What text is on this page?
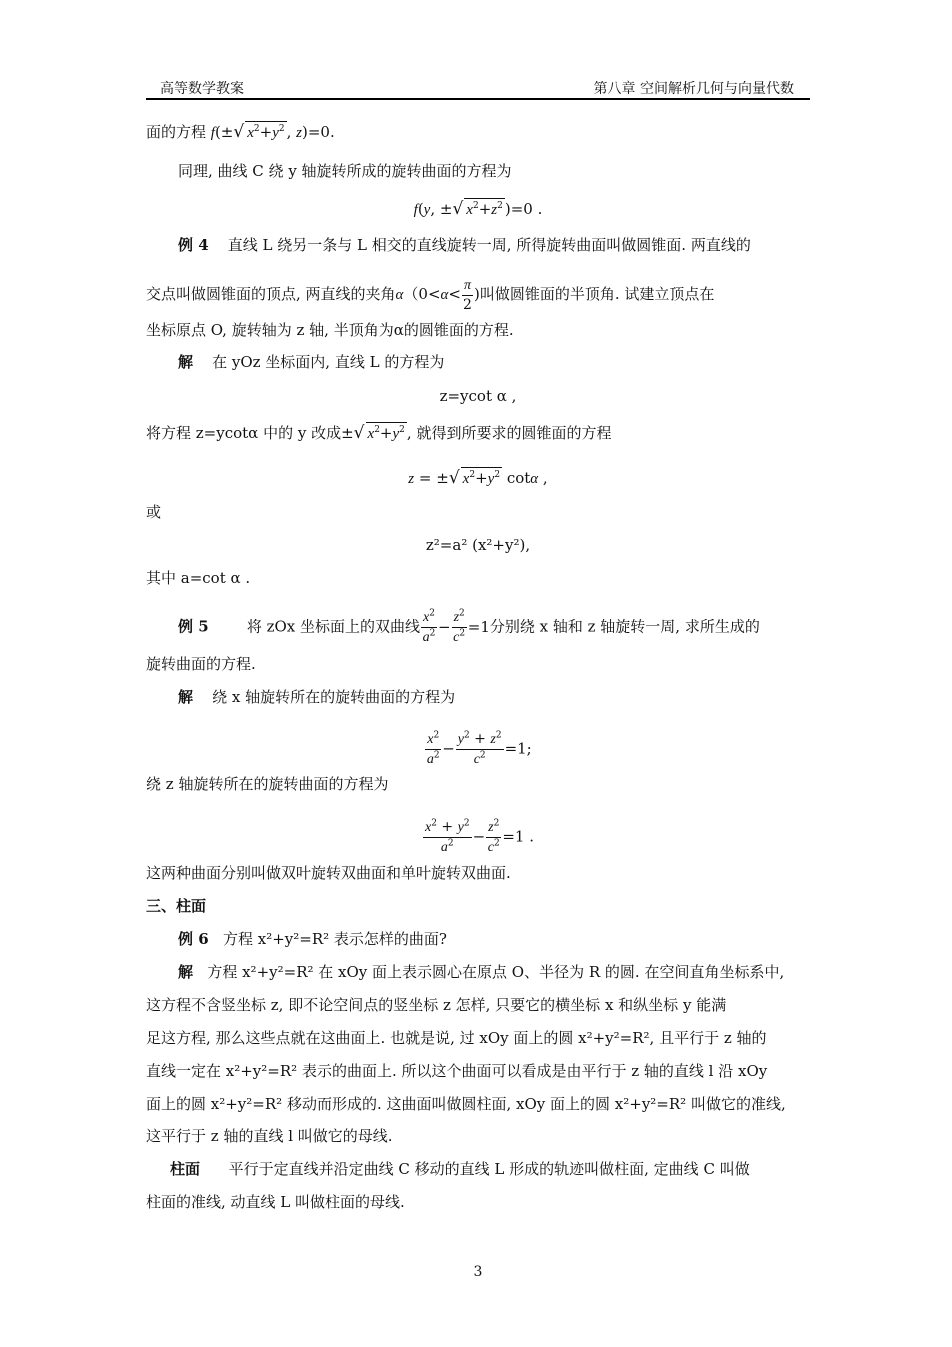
高等数学教案	第八章 空间解析几何与向量代数
面的方程 f(±√ $x^2+y^2$ , z)=0.
同理, 曲线 C 绕 y 轴旋转所成的旋转曲面的方程为
f(y, ±√ $x^2+z^2$ )=0 .
例 4 直线 L 绕另一条与 L 相交的直线旋转一周, 所得旋转曲面叫做圆锥面. 两直线的
交点叫做圆锥面的顶点, 两直线的夹角$\alpha(0<\alpha< \frac{\pi}{2}$ )叫做圆锥面的半顶角. 试建立顶点在
坐标原点 O, 旋转轴为 z 轴, 半顶角为α的圆锥面的方程.
解 在 yOz 坐标面内, 直线 L 的方程为
z=ycot α ,
将方程 z=ycotα 中的 y 改成±√ $x^2+y^2$ , 就得到所要求的圆锥面的方程
z = ±√ $x^2+y^2$ cotα ,
或
z²=a² (x²+y²),
其中 a=cot α .
例 5	将 zOx 坐标面上的双曲线 $\frac{x^2}{a^2} - \frac{z^2}{c^2} =1$分别绕 x 轴和 z 轴旋转一周, 求所生成的
旋转曲面的方程.
解 绕 x 轴旋转所在的旋转曲面的方程为
$\frac{x^2}{a^2} - \frac{y^2 + z^2}{c^2} =1$;
绕 z 轴旋转所在的旋转曲面的方程为
$\frac{x^2 + y^2}{a^2} - \frac{z^2}{c^2} =1$ .
这两种曲面分别叫做双叶旋转双曲面和单叶旋转双曲面.
三、柱面
例 6 方程 x²+y²=R² 表示怎样的曲面?
解 方程 x²+y²=R² 在 xOy 面上表示圆心在原点 O、半径为 R 的圆. 在空间直角坐标系中,
这方程不含竖坐标 z, 即不论空间点的竖坐标 z 怎样, 只要它的横坐标 x 和纵坐标 y 能满
足这方程, 那么这些点就在这曲面上. 也就是说, 过 xOy 面上的圆 x²+y²=R², 且平行于 z 轴的
直线一定在 x²+y²=R² 表示的曲面上. 所以这个曲面可以看成是由平行于 z 轴的直线 l 沿 xOy
面上的圆 x²+y²=R² 移动而形成的. 这曲面叫做圆柱面, xOy 面上的圆 x²+y²=R² 叫做它的准线,
这平行于 z 轴的直线 l 叫做它的母线.
柱面 平行于定直线并沿定曲线 C 移动的直线 L 形成的轨迹叫做柱面, 定曲线 C 叫做
柱面的准线, 动直线 L 叫做柱面的母线.
3
